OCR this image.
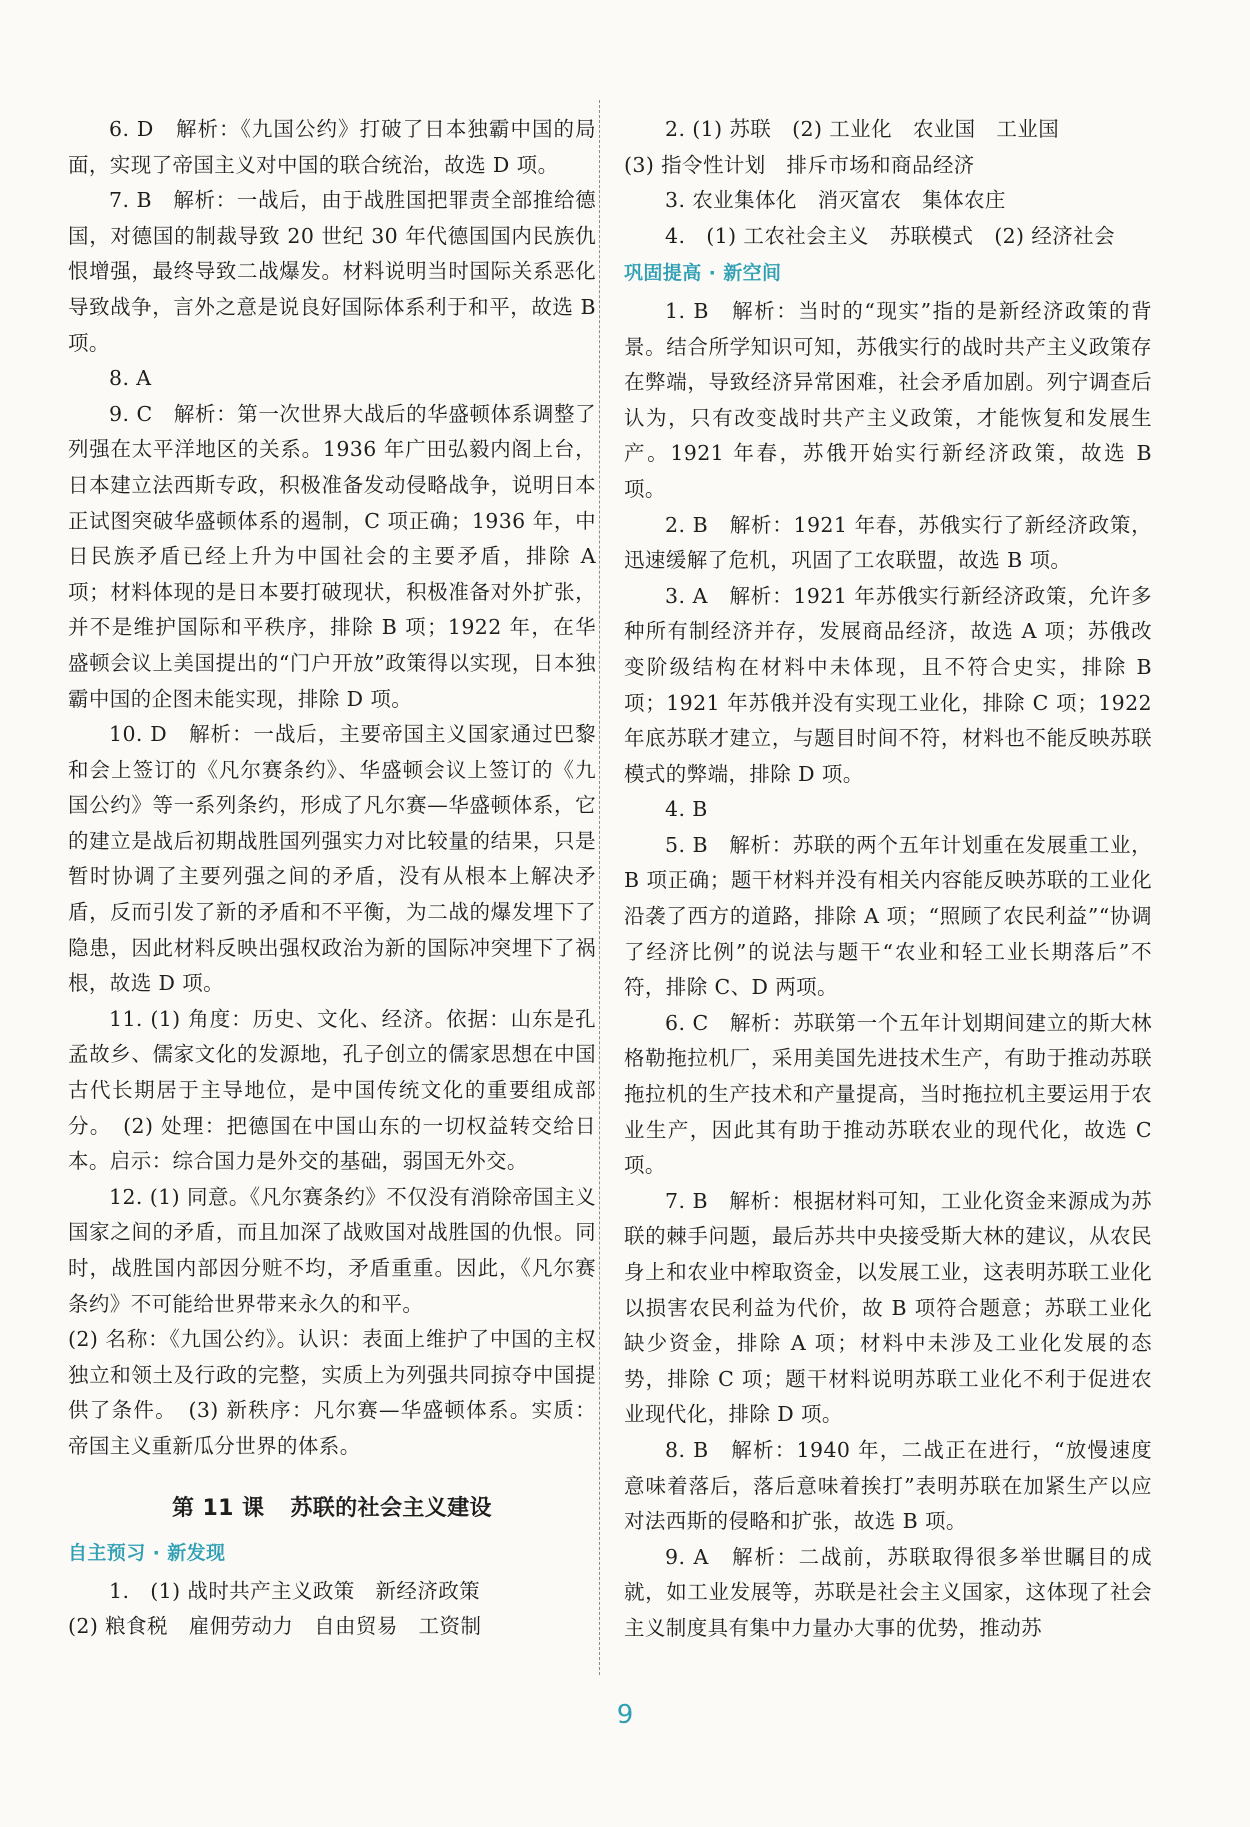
6. D　解析：《九国公约》打破了日本独霸中国的局面，实现了帝国主义对中国的联合统治，故选 D 项。

7. B　解析：一战后，由于战胜国把罪责全部推给德国，对德国的制裁导致 20 世纪 30 年代德国国内民族仇恨增强，最终导致二战爆发。材料说明当时国际关系恶化导致战争，言外之意是说良好国际体系利于和平，故选 B 项。

8. A

9. C　解析：第一次世界大战后的华盛顿体系调整了列强在太平洋地区的关系。1936 年广田弘毅内阁上台，日本建立法西斯专政，积极准备发动侵略战争，说明日本正试图突破华盛顿体系的遏制，C 项正确；1936 年，中日民族矛盾已经上升为中国社会的主要矛盾，排除 A 项；材料体现的是日本要打破现状，积极准备对外扩张，并不是维护国际和平秩序，排除 B 项；1922 年，在华盛顿会议上美国提出的“门户开放”政策得以实现，日本独霸中国的企图未能实现，排除 D 项。

10. D　解析：一战后，主要帝国主义国家通过巴黎和会上签订的《凡尔赛条约》、华盛顿会议上签订的《九国公约》等一系列条约，形成了凡尔赛—华盛顿体系，它的建立是战后初期战胜国列强实力对比较量的结果，只是暂时协调了主要列强之间的矛盾，没有从根本上解决矛盾，反而引发了新的矛盾和不平衡，为二战的爆发埋下了隐患，因此材料反映出强权政治为新的国际冲突埋下了祸根，故选 D 项。

11. (1) 角度：历史、文化、经济。依据：山东是孔孟故乡、儒家文化的发源地，孔子创立的儒家思想在中国古代长期居于主导地位，是中国传统文化的重要组成部分。　(2) 处理：把德国在中国山东的一切权益转交给日本。启示：综合国力是外交的基础，弱国无外交。

12. (1) 同意。《凡尔赛条约》不仅没有消除帝国主义国家之间的矛盾，而且加深了战败国对战胜国的仇恨。同时，战胜国内部因分赃不均，矛盾重重。因此，《凡尔赛条约》不可能给世界带来永久的和平。

(2) 名称：《九国公约》。认识：表面上维护了中国的主权独立和领土及行政的完整，实质上为列强共同掠夺中国提供了条件。　(3) 新秩序：凡尔赛—华盛顿体系。实质：帝国主义重新瓜分世界的体系。

第 11 课 苏联的社会主义建设

自主预习 · 新发现

1.　(1) 战时共产主义政策　新经济政策

(2) 粮食税　雇佣劳动力　自由贸易　工资制

2. (1) 苏联　(2) 工业化　农业国　工业国

(3) 指令性计划　排斥市场和商品经济

3. 农业集体化　消灭富农　集体农庄

4.　(1) 工农社会主义　苏联模式　(2) 经济社会

巩固提高 · 新空间

1. B　解析：当时的“现实”指的是新经济政策的背景。结合所学知识可知，苏俄实行的战时共产主义政策存在弊端，导致经济异常困难，社会矛盾加剧。列宁调查后认为，只有改变战时共产主义政策，才能恢复和发展生产。1921 年春，苏俄开始实行新经济政策，故选 B 项。

2. B　解析：1921 年春，苏俄实行了新经济政策，迅速缓解了危机，巩固了工农联盟，故选 B 项。

3. A　解析：1921 年苏俄实行新经济政策，允许多种所有制经济并存，发展商品经济，故选 A 项；苏俄改变阶级结构在材料中未体现，且不符合史实，排除 B 项；1921 年苏俄并没有实现工业化，排除 C 项；1922 年底苏联才建立，与题目时间不符，材料也不能反映苏联模式的弊端，排除 D 项。

4. B

5. B　解析：苏联的两个五年计划重在发展重工业，B 项正确；题干材料并没有相关内容能反映苏联的工业化沿袭了西方的道路，排除 A 项；“照顾了农民利益”“协调了经济比例”的说法与题干“农业和轻工业长期落后”不符，排除 C、D 两项。

6. C　解析：苏联第一个五年计划期间建立的斯大林格勒拖拉机厂，采用美国先进技术生产，有助于推动苏联拖拉机的生产技术和产量提高，当时拖拉机主要运用于农业生产，因此其有助于推动苏联农业的现代化，故选 C 项。

7. B　解析：根据材料可知，工业化资金来源成为苏联的棘手问题，最后苏共中央接受斯大林的建议，从农民身上和农业中榨取资金，以发展工业，这表明苏联工业化以损害农民利益为代价，故 B 项符合题意；苏联工业化缺少资金，排除 A 项；材料中未涉及工业化发展的态势，排除 C 项；题干材料说明苏联工业化不利于促进农业现代化，排除 D 项。

8. B　解析：1940 年，二战正在进行，“放慢速度意味着落后，落后意味着挨打”表明苏联在加紧生产以应对法西斯的侵略和扩张，故选 B 项。

9. A　解析：二战前，苏联取得很多举世瞩目的成就，如工业发展等，苏联是社会主义国家，这体现了社会主义制度具有集中力量办大事的优势，推动苏

9
